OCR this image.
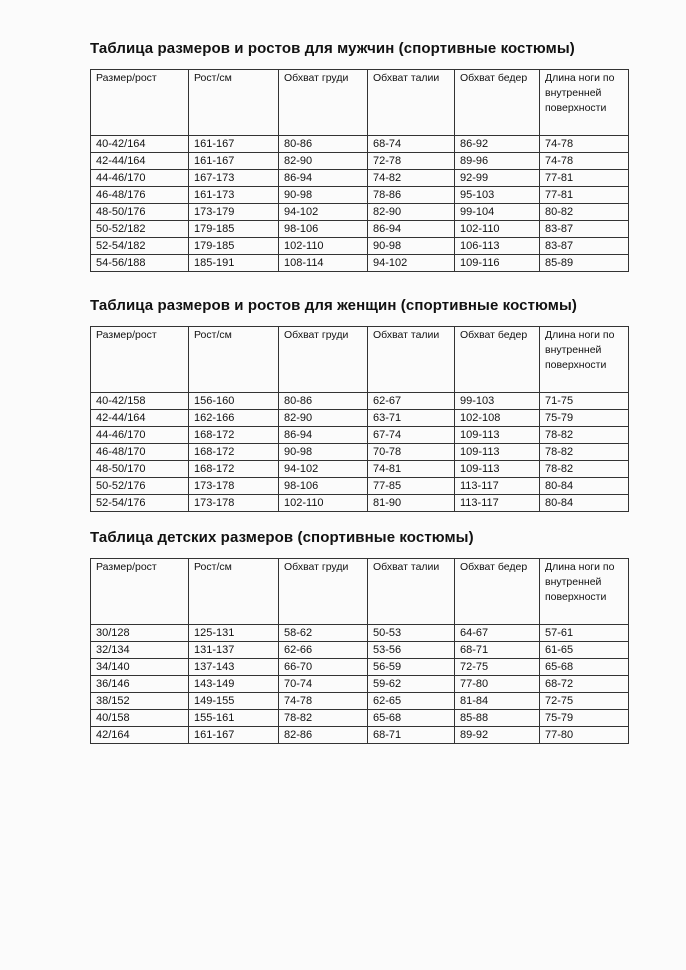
Таблица размеров и ростов для мужчин (спортивные костюмы)
Размер/рост	Рост/см	Обхват груди	Обхват талии	Обхват бедер	Длина ноги по внутренней поверхности
40-42/164	161-167	80-86	68-74	86-92	74-78
42-44/164	161-167	82-90	72-78	89-96	74-78
44-46/170	167-173	86-94	74-82	92-99	77-81
46-48/176	161-173	90-98	78-86	95-103	77-81
48-50/176	173-179	94-102	82-90	99-104	80-82
50-52/182	179-185	98-106	86-94	102-110	83-87
52-54/182	179-185	102-110	90-98	106-113	83-87
54-56/188	185-191	108-114	94-102	109-116	85-89
Таблица размеров и ростов для женщин (спортивные костюмы)
Размер/рост	Рост/см	Обхват груди	Обхват талии	Обхват бедер	Длина ноги по внутренней поверхности
40-42/158	156-160	80-86	62-67	99-103	71-75
42-44/164	162-166	82-90	63-71	102-108	75-79
44-46/170	168-172	86-94	67-74	109-113	78-82
46-48/170	168-172	90-98	70-78	109-113	78-82
48-50/170	168-172	94-102	74-81	109-113	78-82
50-52/176	173-178	98-106	77-85	113-117	80-84
52-54/176	173-178	102-110	81-90	113-117	80-84
Таблица детских размеров (спортивные костюмы)
Размер/рост	Рост/см	Обхват груди	Обхват талии	Обхват бедер	Длина ноги по внутренней поверхности
30/128	125-131	58-62	50-53	64-67	57-61
32/134	131-137	62-66	53-56	68-71	61-65
34/140	137-143	66-70	56-59	72-75	65-68
36/146	143-149	70-74	59-62	77-80	68-72
38/152	149-155	74-78	62-65	81-84	72-75
40/158	155-161	78-82	65-68	85-88	75-79
42/164	161-167	82-86	68-71	89-92	77-80
